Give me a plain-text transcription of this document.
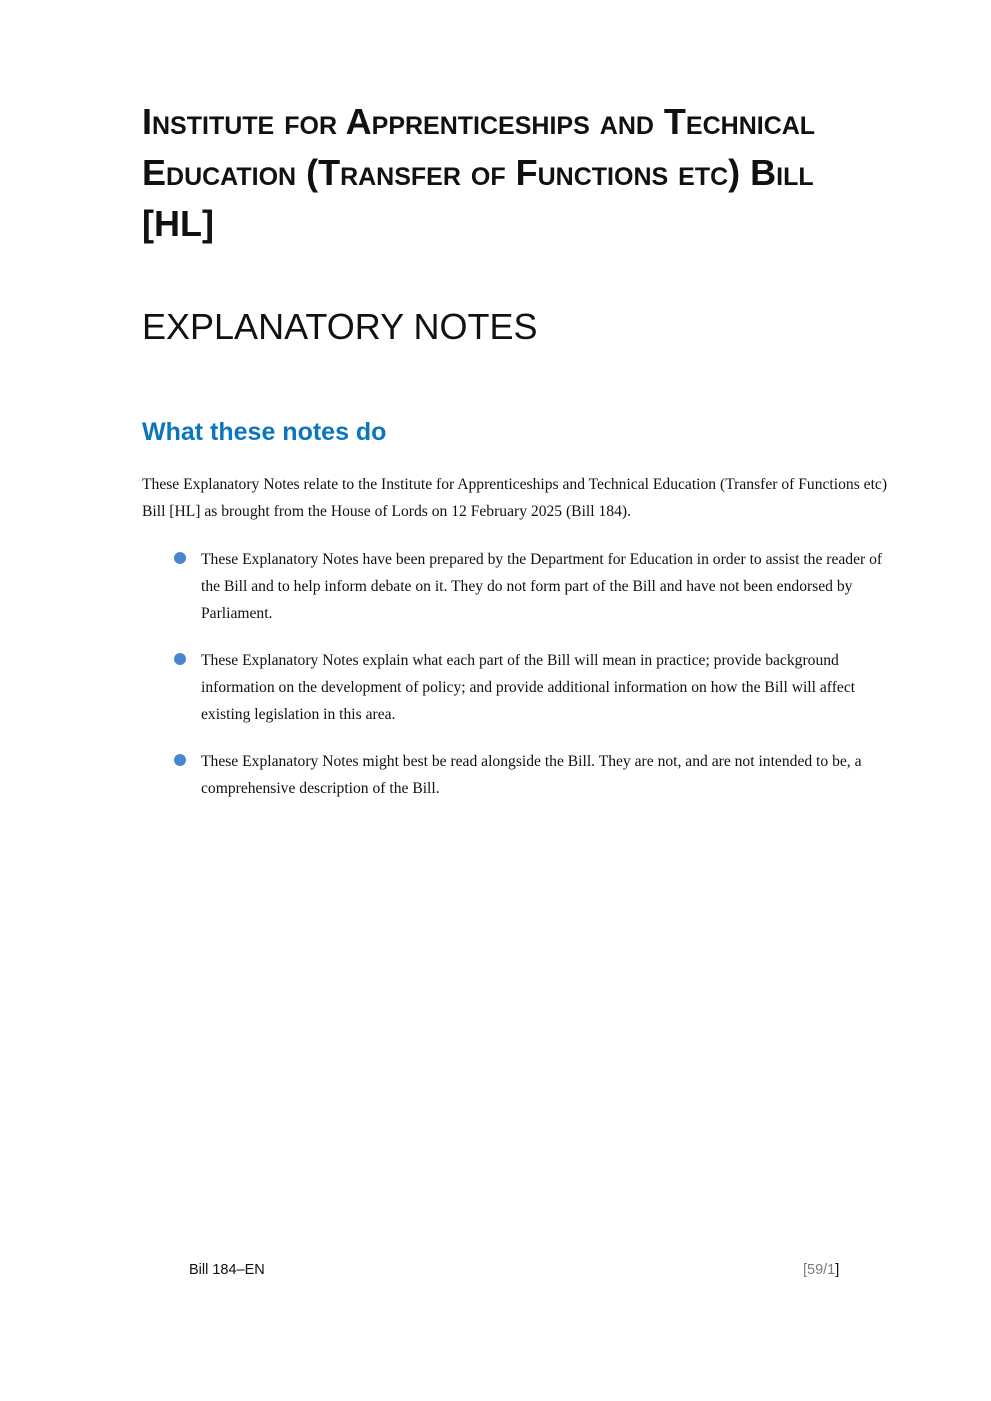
Institute for Apprenticeships and Technical Education (Transfer of Functions etc) Bill [HL]
EXPLANATORY NOTES
What these notes do

These Explanatory Notes relate to the Institute for Apprenticeships and Technical Education (Transfer of Functions etc) Bill [HL] as brought from the House of Lords on 12 February 2025 (Bill 184).

These Explanatory Notes have been prepared by the Department for Education in order to assist the reader of the Bill and to help inform debate on it. They do not form part of the Bill and have not been endorsed by Parliament.
These Explanatory Notes explain what each part of the Bill will mean in practice; provide background information on the development of policy; and provide additional information on how the Bill will affect existing legislation in this area.
These Explanatory Notes might best be read alongside the Bill. They are not, and are not intended to be, a comprehensive description of the Bill.
Bill 184–EN	[59/1]
